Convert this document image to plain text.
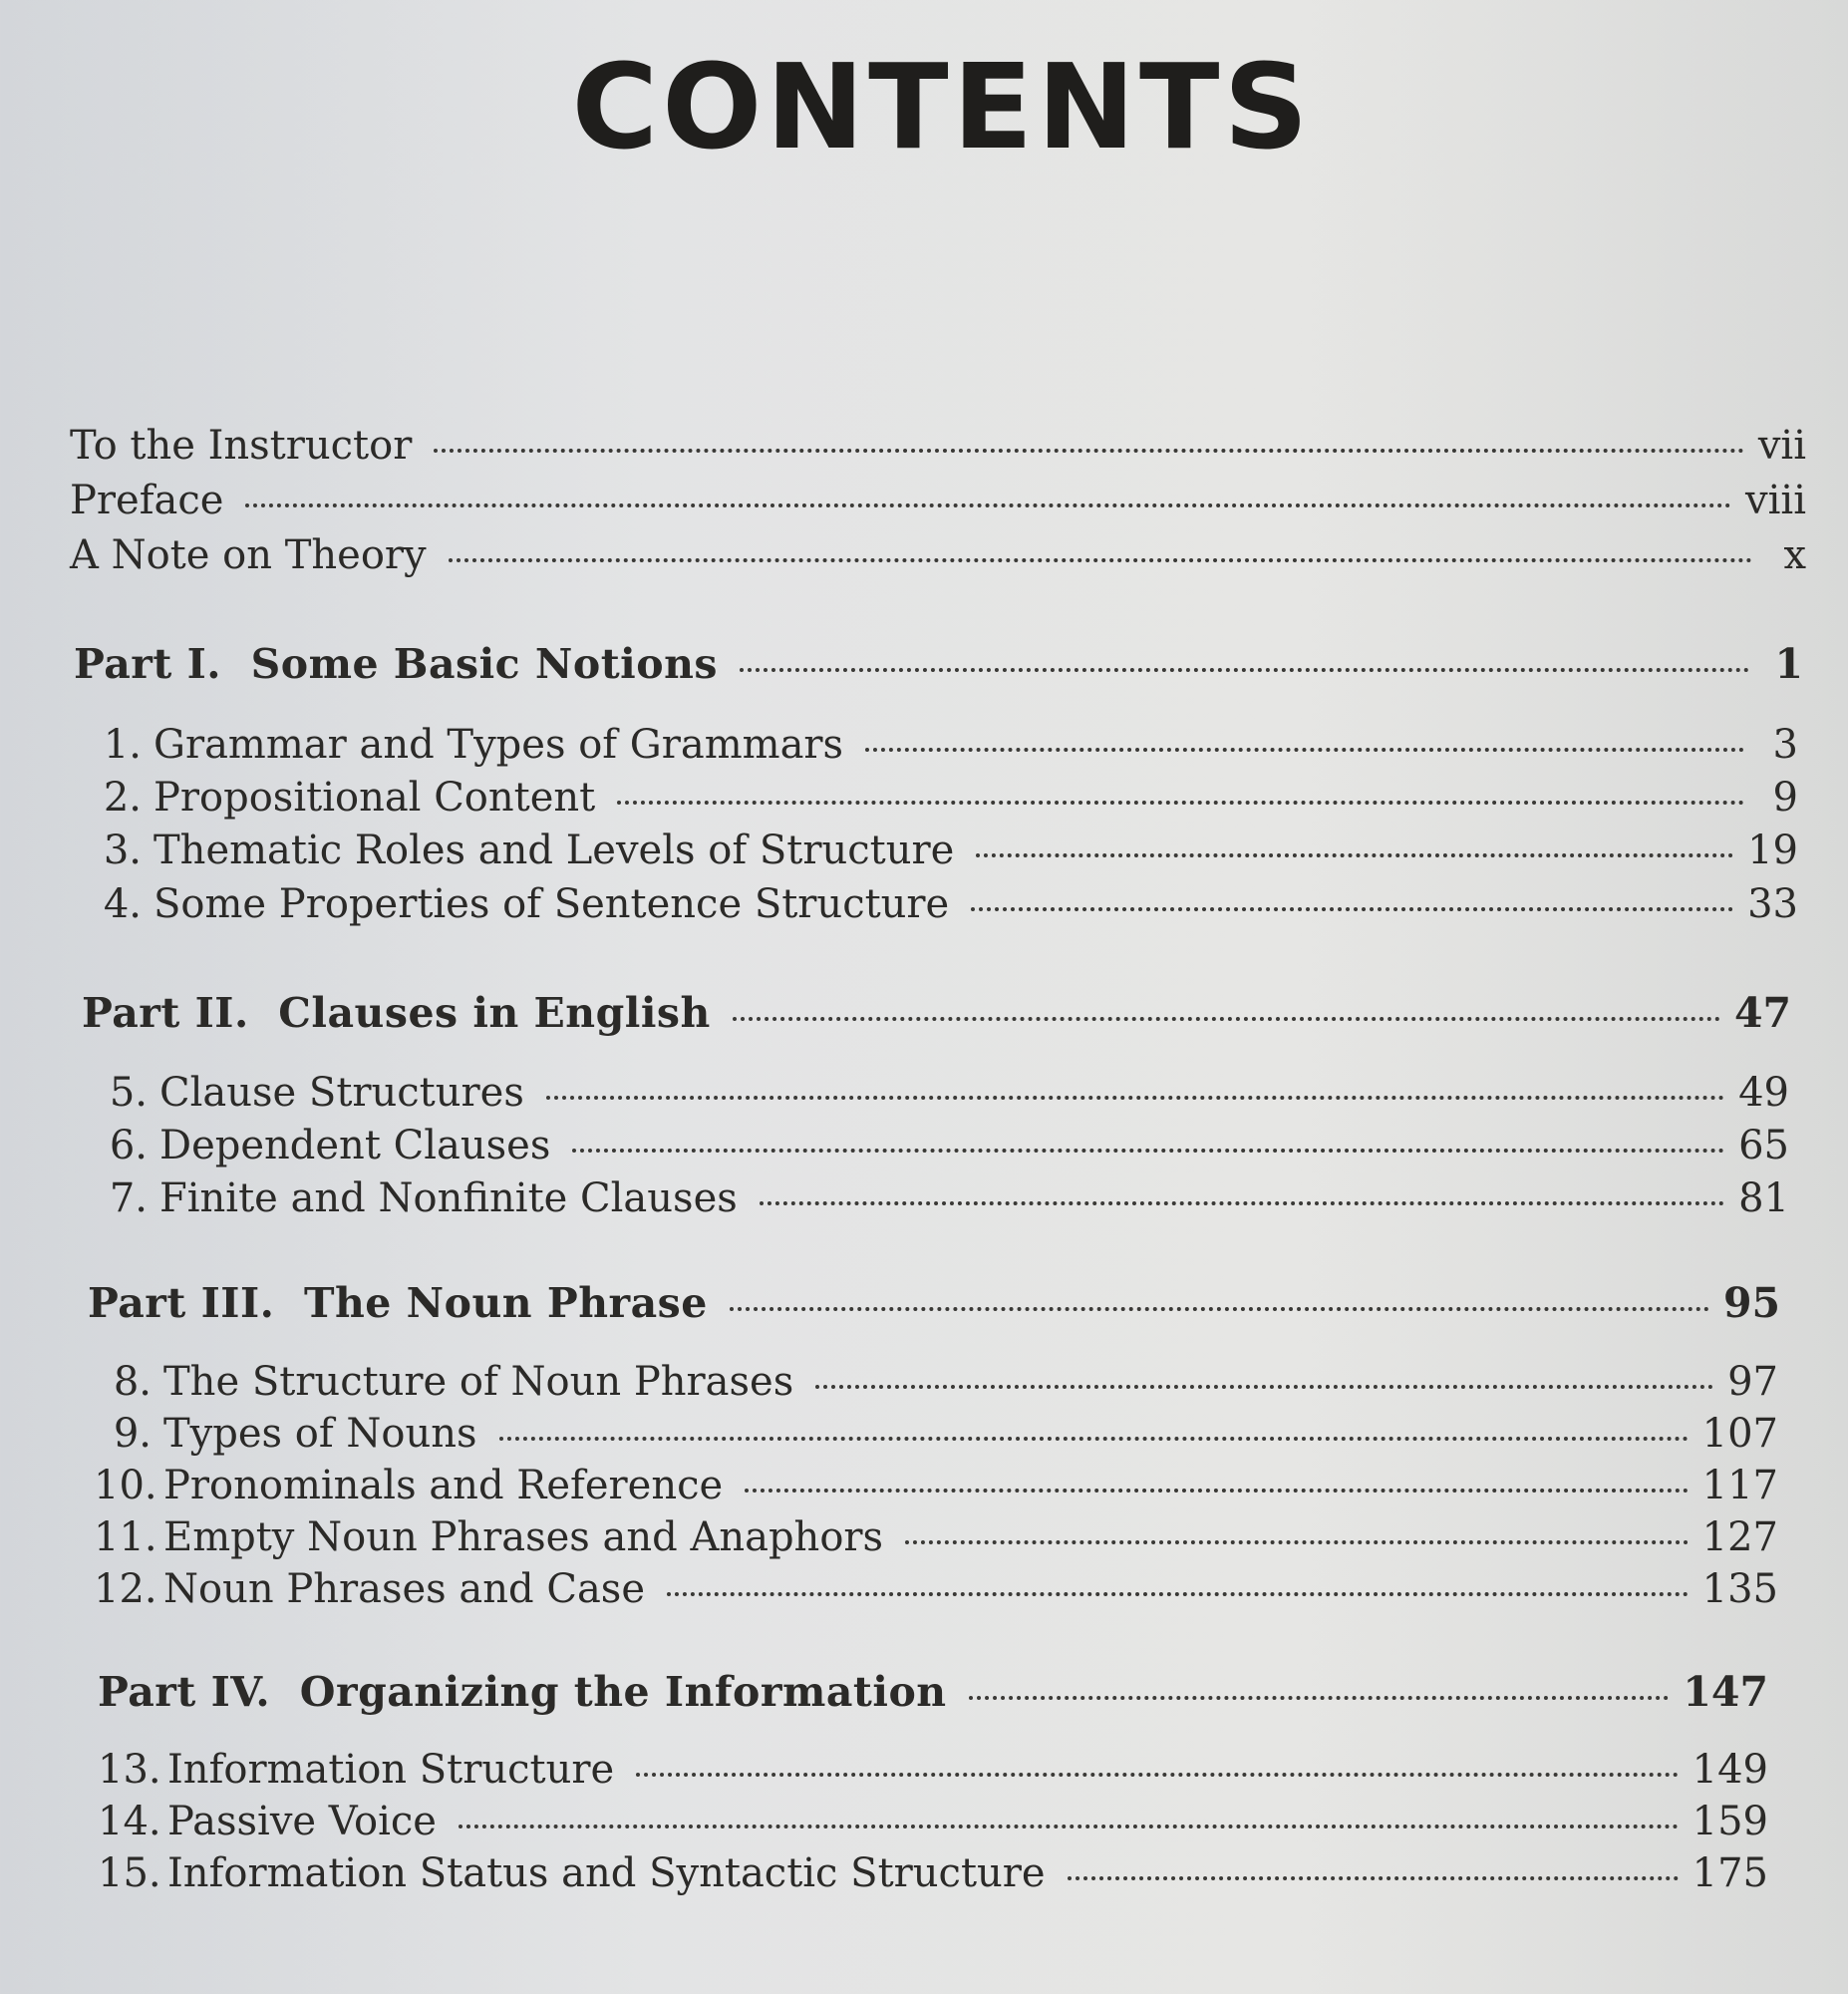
CONTENTS
To the Instructor	vii
Preface	viii
A Note on Theory	x
Part I.  Some Basic Notions	1
1. Grammar and Types of Grammars	3
2. Propositional Content	9
3. Thematic Roles and Levels of Structure	19
4. Some Properties of Sentence Structure	33
Part II.  Clauses in English	47
5. Clause Structures	49
6. Dependent Clauses	65
7. Finite and Nonfinite Clauses	81
Part III.  The Noun Phrase	95
8. The Structure of Noun Phrases	97
9. Types of Nouns	107
10. Pronominals and Reference	117
11. Empty Noun Phrases and Anaphors	127
12. Noun Phrases and Case	135
Part IV.  Organizing the Information	147
13. Information Structure	149
14. Passive Voice	159
15. Information Status and Syntactic Structure	175
